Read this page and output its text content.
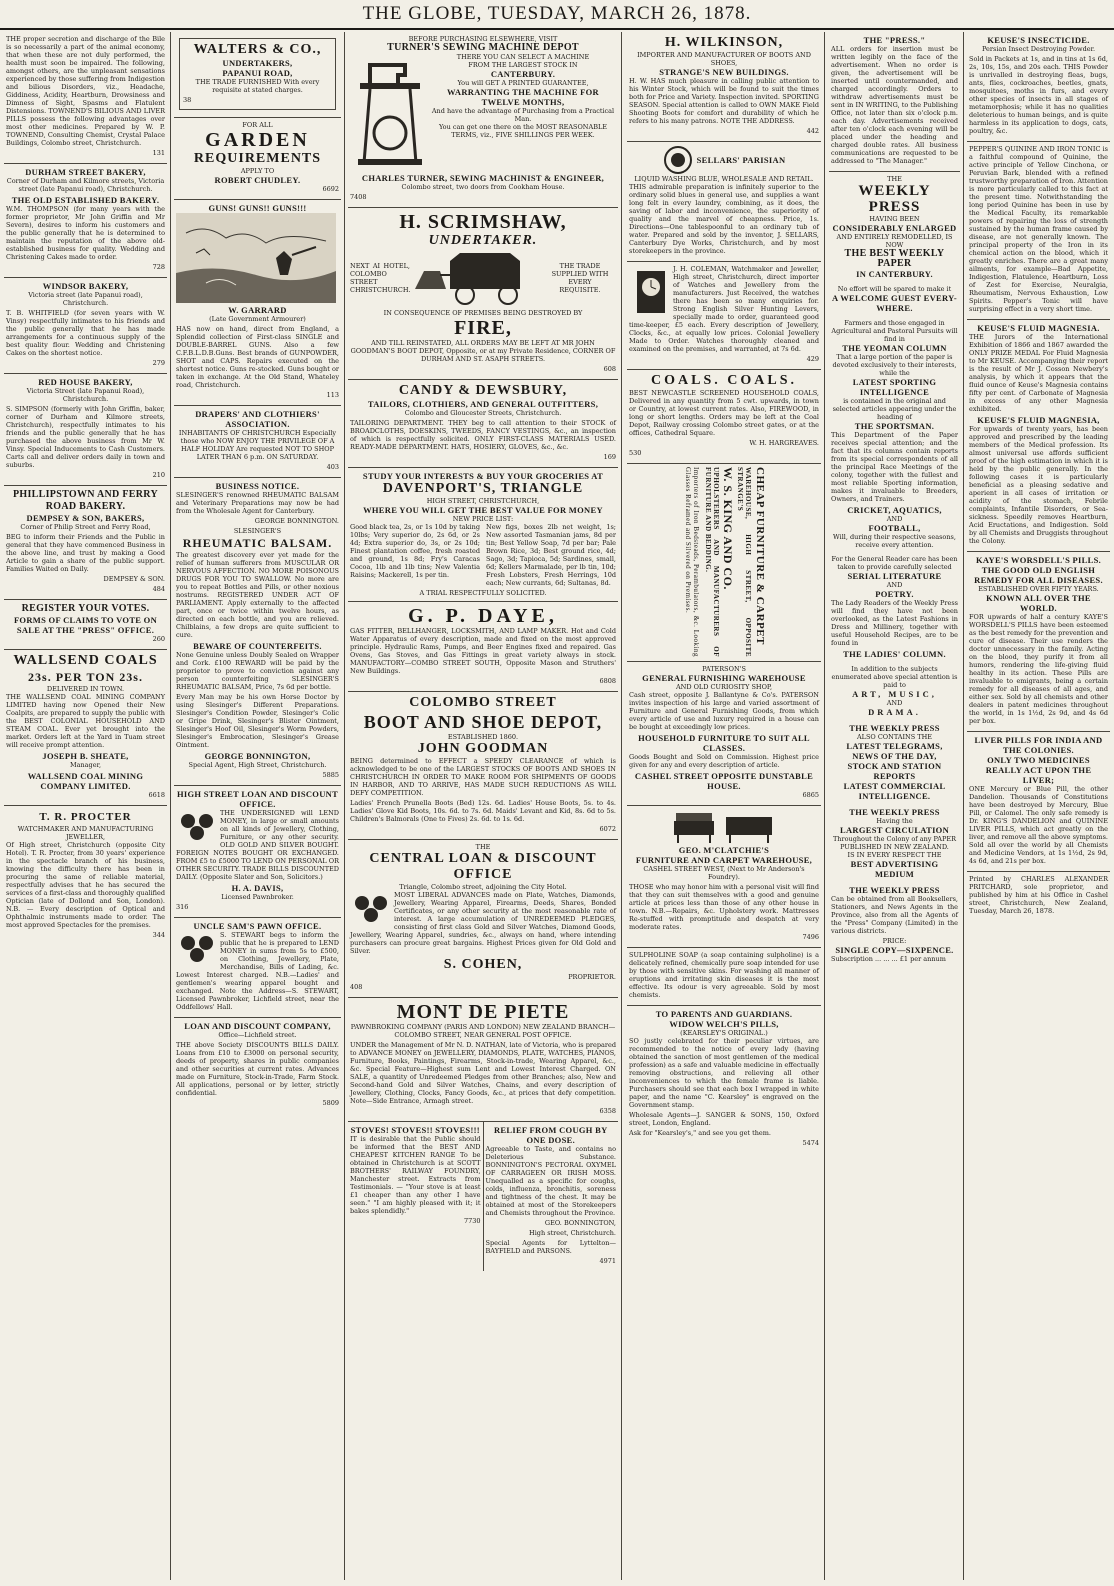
THE GLOBE, TUESDAY, MARCH 26, 1878.

THE proper secretion and discharge of the Bile is so necessarily a part of the animal economy, that when these are not duly performed, the health must soon be impaired. The following, amongst others, are the unpleasant sensations experienced by those suffering from Indigestion and bilious Disorders, viz., Headache, Giddiness, Acidity, Heartburn, Drowsiness and Dimness of Sight, Spasms and Flatulent Distensions. TOWNEND'S BILIOUS AND LIVER PILLS possess the following advantages over most other medicines. Prepared by W. P. TOWNEND, Consulting Chemist, Crystal Palace Buildings, Colombo street, Christchurch.

131

DURHAM STREET BAKERY,

Corner of Durham and Kilmore streets, Victoria street (late Papanui road), Christchurch.

THE OLD ESTABLISHED BAKERY.

W.M. THOMPSON (for many years with the former proprietor, Mr John Griffin and Mr Severn), desires to inform his customers and the public generally that he is determined to maintain the reputation of the above old-established business for quality. Wedding and Christening Cakes made to order.

728

WINDSOR BAKERY,

Victoria street (late Papanui road), Christchurch.

T. B. WHITFIELD (for seven years with W. Vinsy) respectfully intimates to his friends and the public generally that he has made arrangements for a continuous supply of the best quality flour. Wedding and Christening Cakes on the shortest notice.

279

RED HOUSE BAKERY,

Victoria Street (late Papanui Road), Christchurch.

S. SIMPSON (formerly with John Griffin, baker, corner of Durham and Kilmore streets, Christchurch), respectfully intimates to his friends and the public generally that he has purchased the above business from Mr W. Vinsy. Special Inducements to Cash Customers. Carts call and deliver orders daily in town and suburbs.

210

PHILLIPSTOWN AND FERRY ROAD BAKERY.
DEMPSEY & SON, BAKERS,

Corner of Philip Street and Ferry Road,

BEG to inform their Friends and the Public in general that they have commenced Business in the above line, and trust by making a Good Article to gain a share of the public support. Families Waited on Daily.

DEMPSEY & SON.

484

REGISTER YOUR VOTES.
FORMS OF CLAIMS TO VOTE ON SALE AT THE "PRESS" OFFICE.

260

WALLSEND COALS
23s. PER TON 23s.
DELIVERED IN TOWN.

THE WALLSEND COAL MINING COMPANY LIMITED having now Opened their New Coalpits, are prepared to supply the public with the BEST COLONIAL HOUSEHOLD AND STEAM COAL. Ever yet brought into the market. Orders left at the Yard in Tuam street will receive prompt attention.

JOSEPH B. SHEATE,

Manager,

WALLSEND COAL MINING COMPANY LIMITED.

6618

T. R. PROCTER
WATCHMAKER AND MANUFACTURING JEWELLER,

Of High street, Christchurch (opposite City Hotel). T. R. Procter, from 30 years' experience in the spectacle branch of his business, knowing the difficulty there has been in procuring the same of reliable material, respectfully advises that he has secured the services of a first-class and thoroughly qualified Optician (late of Dollond and Son, London). N.B. — Every description of Optical and Ophthalmic instruments made to order. The most approved Spectacles for the premises.

344

WALTERS & CO.,
UNDERTAKERS,
PAPANUI ROAD,

THE TRADE FURNISHED With every requisite at stated charges.

38

FOR ALL
GARDEN
REQUIREMENTS
APPLY TO
ROBERT CHUDLEY.

6692

GUNS! GUNS!! GUNS!!!
W. GARRARD

(Late Government Armourer)

HAS now on hand, direct from England, a Splendid collection of First-class SINGLE and DOUBLE-BARREL GUNS. Also a few C.F.B.L.D.B.Guns. Best brands of GUNPOWDER, SHOT and CAPS. Repairs executed on the shortest notice. Guns re-stocked. Guns bought or taken in exchange. At the Old Stand, Whateley road, Christchurch.

113

DRAPERS' AND CLOTHIERS' ASSOCIATION.

INHABITANTS OF CHRISTCHURCH Especially those who NOW ENJOY THE PRIVILEGE OF A HALF HOLIDAY Are requested NOT TO SHOP LATER THAN 6 p.m. ON SATURDAY.

403

BUSINESS NOTICE.

SLESINGER'S renowned RHEUMATIC BALSAM and Veterinary Preparations may now be had from the Wholesale Agent for Canterbury.

GEORGE BONNINGTON.

SLESINGER'S
RHEUMATIC BALSAM.

The greatest discovery ever yet made for the relief of human sufferers from MUSCULAR OR NERVOUS AFFECTION. NO MORE POISONOUS DRUGS FOR YOU TO SWALLOW. No more are you to repeat Bottles and Pills, or other noxious nostrums. REGISTERED UNDER ACT OF PARLIAMENT. Apply externally to the affected part, once or twice within twelve hours, as directed on each bottle, and you are relieved. Chilblains, a few drops are quite sufficient to cure.

BEWARE OF COUNTERFEITS.

None Genuine unless Doubly Sealed on Wrapper and Cork. £100 REWARD will be paid by the proprietor to prove to conviction against any person counterfeiting SLESINGER'S RHEUMATIC BALSAM, Price, 7s 6d per bottle.

Every Man may be his own Horse Doctor by using Slesinger's Different Preparations. Slesinger's Condition Powder, Slesinger's Colic or Gripe Drink, Slesinger's Blister Ointment, Slesinger's Hoof Oil, Slesinger's Worm Powders, Slesinger's Embrocation, Slesinger's Grease Ointment.

GEORGE BONNINGTON,

Special Agent, High Street, Christchurch.

5885

HIGH STREET LOAN AND DISCOUNT OFFICE.

THE UNDERSIGNED will LEND MONEY, in large or small amounts on all kinds of Jewellery, Clothing, Furniture, or any other security. OLD GOLD AND SILVER BOUGHT. FOREIGN NOTES BOUGHT OR EXCHANGED. FROM £5 to £5000 TO LEND ON PERSONAL OR OTHER SECURITY. TRADE BILLS DISCOUNTED DAILY. (Opposite Slater and Son, Solicitors.)

H. A. DAVIS,

Licensed Pawnbroker.

316

UNCLE SAM'S PAWN OFFICE.

S. STEWART begs to inform the public that he is prepared to LEND MONEY in sums from 5s to £500, on Clothing, Jewellery, Plate, Merchandise, Bills of Lading, &c. Lowest Interest charged. N.B.—Ladies' and gentlemen's wearing apparel bought and exchanged. Note the Address—S. STEWART, Licensed Pawnbroker, Lichfield street, near the Oddfellows' Hall.

LOAN AND DISCOUNT COMPANY,

Office—Lichfield street.

THE above Society DISCOUNTS BILLS DAILY. Loans from £10 to £3000 on personal security, deeds of property, shares in public companies and other securities at current rates. Advances made on Furniture, Stock-in-Trade, Farm Stock. All applications, personal or by letter, strictly confidential.

5809

BEFORE PURCHASING ELSEWHERE, VISIT
TURNER'S SEWING MACHINE DEPOT
THERE YOU CAN SELECT A MACHINE
FROM THE LARGEST STOCK IN
CANTERBURY.
You will GET A PRINTED GUARANTEE,
WARRANTING THE MACHINE FOR
TWELVE MONTHS,
And have the advantage of Purchasing from a Practical Man.
You can get one there on the MOST REASONABLE TERMS, viz., FIVE SHILLINGS PER WEEK.
CHARLES TURNER, SEWING MACHINIST & ENGINEER,

Colombo street, two doors from Cookham House.

7408

H. SCRIMSHAW,
UNDERTAKER.

NEXT AI HOTEL, COLOMBO STREET CHRISTCHURCH.

THE TRADE SUPPLIED WITH EVERY REQUISITE.

IN CONSEQUENCE OF PREMISES BEING DESTROYED BY
FIRE,

AND TILL REINSTATED, ALL ORDERS MAY BE LEFT AT MR JOHN GOODMAN'S BOOT DEPOT, Opposite, or at my Private Residence, CORNER OF DURHAM AND ST. ASAPH STREETS.

608

CANDY & DEWSBURY,
TAILORS, CLOTHIERS, AND GENERAL OUTFITTERS,

Colombo and Gloucester Streets, Christchurch.

TAILORING DEPARTMENT. THEY beg to call attention to their STOCK of BROADCLOTHS, DOESKINS, TWEEDS, FANCY VESTINGS, &c., an inspection of which is respectfully solicited. ONLY FIRST-CLASS MATERIALS USED. READY-MADE DEPARTMENT. HATS, HOSIERY, GLOVES, &c., &c.

169

STUDY YOUR INTERESTS & BUY YOUR GROCERIES AT
DAVENPORT'S, TRIANGLE
HIGH STREET, CHRISTCHURCH,
WHERE YOU WILL GET THE BEST VALUE FOR MONEY
NEW PRICE LIST:

Good black tea, 2s, or 1s 10d by taking 10lbs; Very superior do, 2s 6d, or 2s 4d; Extra superior do, 3s, or 2s 10d; Finest plantation coffee, fresh roasted and ground, 1s 8d; Fry's Caracas Cocoa, 1lb and 1lb tins; New Valentia Raisins; Mackerell, 1s per tin.

New figs, boxes 2lb net weight, 1s; New assorted Tasmanian jams, 8d per tin; Best Yellow Soap, 7d per bar; Pale Brown Rice, 3d; Best ground rice, 4d; Sago, 3d; Tapioca, 5d; Sardines, small, 6d; Kellers Marmalade, per lb tin, 10d; Fresh Lobsters, Fresh Herrings, 10d each; New currants, 6d; Sultanas, 8d.

A TRIAL RESPECTFULLY SOLICITED.
G. P. DAYE,

GAS FITTER, BELLHANGER, LOCKSMITH, AND LAMP MAKER. Hot and Cold Water Apparatus of every description, made and fixed on the most approved principle. Hydraulic Rams, Pumps, and Beer Engines fixed and repaired. Gas Ovens, Gas Stoves, and Gas Fittings in great variety always in stock. MANUFACTORY—COMBO STREET SOUTH, Opposite Mason and Struthers' New Buildings.

6808

COLOMBO STREET
BOOT AND SHOE DEPOT,
ESTABLISHED 1860.
JOHN GOODMAN

BEING determined to EFFECT a SPEEDY CLEARANCE of which is acknowledged to be one of the LARGEST STOCKS OF BOOTS AND SHOES IN CHRISTCHURCH IN ORDER TO MAKE ROOM FOR SHIPMENTS OF GOODS IN HARBOR, AND TO ARRIVE, HAS MADE SUCH REDUCTIONS AS WILL DEFY COMPETITION.

Ladies' French Prunella Boots (Bed) 12s. 6d. Ladies' House Boots, 5s. to 4s. Ladies' Glove Kid Boots, 10s. 6d. to 7s. 6d. Maids' Levant and Kid, 8s. 6d to 5s. Children's Balmorals (One to Fives) 2s. 6d. to 1s. 6d.

6072

THE
CENTRAL LOAN & DISCOUNT OFFICE
Triangle, Colombo street, adjoining the City Hotel.

MOST LIBERAL ADVANCES made on Plate, Watches, Diamonds, Jewellery, Wearing Apparel, Firearms, Deeds, Shares, Bonded Certificates, or any other security at the most reasonable rate of interest. A large accumulation of UNREDEEMED PLEDGES, consisting of first class Gold and Silver Watches, Diamond Goods, Jewellery, Wearing Apparel, sundries, &c., always on hand, where intending purchasers can procure great bargains. Highest Prices given for Old Gold and Silver.

S. COHEN,

PROPRIETOR.

408

MONT DE PIETE

PAWNBROKING COMPANY (PARIS AND LONDON) NEW ZEALAND BRANCH—COLOMBO STREET, NEAR GENERAL POST OFFICE.

UNDER the Management of Mr N. D. NATHAN, late of Victoria, who is prepared to ADVANCE MONEY on JEWELLERY, DIAMONDS, PLATE, WATCHES, PIANOS, Furniture, Books, Paintings, Firearms, Stock-in-trade, Wearing Apparel, &c., &c. Special Feature—Highest sum Lent and Lowest Interest Charged. ON SALE, a quantity of Unredeemed Pledges from other Branches; also, New and Second-hand Gold and Silver Watches, Chains, and every description of Jewellery, Clothing, Clocks, Fancy Goods, &c., at prices that defy competition. Note—Side Entrance, Armagh street.

6358

STOVES! STOVES!! STOVES!!!

IT is desirable that the Public should be informed that the BEST AND CHEAPEST KITCHEN RANGE To be obtained in Christchurch is at SCOTT BROTHERS' RAILWAY FOUNDRY, Manchester street. Extracts from Testimonials. — "Your stove is at least £1 cheaper than any other I have seen." "I am highly pleased with it; it bakes splendidly."

7730

RELIEF FROM COUGH BY ONE DOSE.

Agreeable to Taste, and contains no Deleterious Substance. BONNINGTON'S PECTORAL OXYMEL OF CARRAGEEN OR IRISH MOSS. Unequalled as a specific for coughs, colds, influenza, bronchitis, soreness and tightness of the chest. It may be obtained at most of the Storekeepers and Chemists throughout the Province.

GEO. BONNINGTON,

High street, Christchurch.

Special Agents for Lyttelton—BAYFIELD and PARSONS.

4971

H. WILKINSON,
IMPORTER AND MANUFACTURER OF BOOTS AND SHOES,
STRANGE'S NEW BUILDINGS.

H. W. HAS much pleasure in calling public attention to his Winter Stock, which will be found to suit the times both for Price and Variety. Inspection invited. SPORTING SEASON. Special attention is called to OWN MAKE Field Shooting Boots for comfort and durability of which he refers to his many patrons. NOTE THE ADDRESS.

442

SELLARS' PARISIAN
LIQUID WASHING BLUE, WHOLESALE AND RETAIL.

THIS admirable preparation is infinitely superior to the ordinary solid blues in general use, and supplies a want long felt in every laundry, combining, as it does, the saving of labor and inconvenience, the superiority of quality and the marvel of cheapness. Price, 1s. Directions—One tablespoonful to an ordinary tub of water. Prepared and sold by the inventor, J. SELLARS, Canterbury Dye Works, Christchurch, and by most storekeepers in the province.

J. H. COLEMAN, Watchmaker and Jeweller, High street, Christchurch, direct importer of Watches and Jewellery from the manufacturers. Just Received, the watches there has been so many enquiries for. Strong English Silver Hunting Levers, specially made to order, guaranteed good time-keeper, £5 each. Every description of Jewellery, Clocks, &c., at equally low prices. Colonial Jewellery Made to Order. Watches thoroughly cleaned and examined on the premises, and warranted, at 7s 6d.

429

COALS. COALS.

BEST NEWCASTLE SCREENED HOUSEHOLD COALS, Delivered in any quantity from 5 cwt. upwards, in town or Country, at lowest current rates. Also, FIREWOOD, in long or short lengths. Orders may be left at the Coal Depot, Railway crossing Colombo street gates, or at the offices, Cathedral Square.

W. H. HARGREAVES.

530

Importers of Iron Bedsteads, Perambulators, &c. Looking Glasses Reframed and Silvered on Premises.	UPHOLSTERERS AND MANUFACTURERS OF FURNITURE AND BEDDING. W. S. KING AND CO.	WAREHOUSE, HIGH STREET, OPPOSITE STRANGE'S CHEAP FURNITURE & CARPET
PATERSON'S
GENERAL FURNISHING WAREHOUSE
AND OLD CURIOSITY SHOP,

Cash street, opposite J. Ballantyne & Co's. PATERSON invites inspection of his large and varied assortment of Furniture and General Furnishing Goods, from which every article of use and luxury required in a house can be bought at exceedingly low prices.

HOUSEHOLD FURNITURE TO SUIT ALL CLASSES.

Goods Bought and Sold on Commission. Highest price given for any and every description of article.

CASHEL STREET OPPOSITE DUNSTABLE HOUSE.

6865

GEO. M'CLATCHIE'S
FURNITURE AND CARPET WAREHOUSE,

CASHEL STREET WEST, (Next to Mr Anderson's Foundry).

THOSE who may honor him with a personal visit will find that they can suit themselves with a good and genuine article at prices less than those of any other house in town. N.B.—Repairs, &c. Upholstery work. Mattresses Re-stuffed with promptitude and despatch at very moderate rates.

7496

SULPHOLINE SOAP (a soap containing sulpholine) is a delicately refined, chemically pure soap intended for use by those with sensitive skins. For washing all manner of eruptions and irritating skin diseases it is the most effective. Its odour is very agreeable. Sold by most chemists.

TO PARENTS AND GUARDIANS.
WIDOW WELCH'S PILLS,
(KEARSLEY'S ORIGINAL.)

SO justly celebrated for their peculiar virtues, are recommended to the notice of every lady (having obtained the sanction of most gentlemen of the medical profession) as a safe and valuable medicine in effectually removing obstructions, and relieving all other inconveniences to which the female frame is liable. Purchasers should see that each box I wrapped in white paper, and the name "C. Kearsley" is engraved on the Government stamp.

Wholesale Agents—J. SANGER & SONS, 150, Oxford street, London, England.

Ask for "Kearsley's," and see you get them.

5474

THE "PRESS."

ALL orders for insertion must be written legibly on the face of the advertisement. When no order is given, the advertisement will be inserted until countermanded, and charged accordingly. Orders to withdraw advertisements must be sent in IN WRITING, to the Publishing Office, not later than six o'clock p.m. each day. Advertisements received after ten o'clock each evening will be placed under the heading and charged double rates. All business communications are requested to be addressed to "The Manager."

THE
WEEKLY PRESS
HAVING BEEN
CONSIDERABLY ENLARGED
AND ENTIRELY REMODELLED, IS NOW
THE BEST WEEKLY PAPER
IN CANTERBURY.
No effort will be spared to make it
A WELCOME GUEST EVERY-WHERE.
Farmers and those engaged in Agricultural and Pastoral Pursuits will find in
THE YEOMAN COLUMN
That a large portion of the paper is devoted exclusively to their interests, while the
LATEST SPORTING INTELLIGENCE
is contained in the original and selected articles appearing under the heading of
THE SPORTSMAN.

This Department of the Paper receives special attention; and the fact that its columns contain reports from its special correspondents of all the principal Race Meetings of the colony, together with the fullest and most reliable Sporting information, makes it invaluable to Breeders, Owners, and Trainers.

CRICKET, AQUATICS,
AND
FOOTBALL,
Will, during their respective seasons, receive every attention.
For the General Reader care has been taken to provide carefully selected
SERIAL LITERATURE
AND
POETRY.

The Lady Readers of the Weekly Press will find they have not been overlooked, as the Latest Fashions in Dress and Millinery, together with useful Household Recipes, are to be found in

THE LADIES' COLUMN.
In addition to the subjects enumerated above special attention is paid to
ART, MUSIC,
AND
DRAMA.
THE WEEKLY PRESS
ALSO CONTAINS THE
LATEST TELEGRAMS,
NEWS OF THE DAY,
STOCK AND STATION REPORTS
LATEST COMMERCIAL INTELLIGENCE.
THE WEEKLY PRESS
Having the
LARGEST CIRCULATION
Throughout the Colony of any PAPER PUBLISHED IN NEW ZEALAND.
IS IN EVERY RESPECT THE
BEST ADVERTISING MEDIUM
THE WEEKLY PRESS

Can be obtained from all Booksellers, Stationers, and News Agents in the Province, also from all the Agents of the "Press" Company (Limited) in the various districts.

PRICE:
SINGLE COPY—SIXPENCE.

Subscription ... ... ... £1 per annum

KEUSE'S INSECTICIDE.

Persian Insect Destroying Powder.

Sold in Packets at 1s, and in tins at 1s 6d, 2s, 10s, 15s, and 20s each. THIS Powder is unrivalled in destroying fleas, bugs, ants, flies, cockroaches, beetles, gnats, mosquitoes, moths in furs, and every other species of insects in all stages of metamorphosis; while it has no qualities deleterious to human beings, and is quite harmless in its application to dogs, cats, poultry, &c.

PEPPER'S QUININE AND IRON TONIC is a faithful compound of Quinine, the active principle of Yellow Cinchona, or Peruvian Bark, blended with a refined trustworthy preparation of Iron. Attention is more particularly called to this fact at the present time. Notwithstanding the long period Quinine has been in use by the Medical Faculty, its remarkable powers of repairing the loss of strength sustained by the human frame caused by disease, are not generally known. The principal property of the Iron in its chemical action on the blood, which it greatly enriches. There are a great many ailments, for example—Bad Appetite, Indigestion, Flatulence, Heartburn, Loss of Zest for Exercise, Neuralgia, Rheumatism, Nervous Exhaustion, Low Spirits. Pepper's Tonic will have surprising effect in a very short time.

KEUSE'S FLUID MAGNESIA.

THE Jurors of the International Exhibition of 1866 and 1867 awarded the ONLY PRIZE MEDAL For Fluid Magnesia to Mr KEUSE. Accompanying their report is the result of Mr J. Cosson Newbery's analysis, by which it appears that the fluid ounce of Keuse's Magnesia contains fifty per cent. of Carbonate of Magnesia in excess of any other Magnesia exhibited.

KEUSE'S FLUID MAGNESIA,

For upwards of twenty years, has been approved and prescribed by the leading members of the Medical profession. Its almost universal use affords sufficient proof of the high estimation in which it is held by the public generally. In the following cases it is particularly beneficial as a pleasing sedative and aperient in all cases of irritation or acidity of the stomach, Febrile complaints, Infantile Disorders, or Sea-sickness. Speedily removes Heartburn, Acid Eructations, and Indigestion. Sold by all Chemists and Druggists throughout the Colony.

KAYE'S WORSDELL'S PILLS.
THE GOOD OLD ENGLISH REMEDY FOR ALL DISEASES.
ESTABLISHED OVER FIFTY YEARS.
KNOWN ALL OVER THE WORLD.

FOR upwards of half a century KAYE'S WORSDELL'S PILLS have been esteemed as the best remedy for the prevention and cure of disease. Their use renders the doctor unnecessary in the family. Acting on the blood, they purify it from all humors, rendering the life-giving fluid healthy in its action. These Pills are invaluable to emigrants, being a certain remedy for all diseases of all ages, and either sex. Sold by all chemists and other dealers in patent medicines throughout the world, in 1s 1½d, 2s 9d, and 4s 6d per box.

LIVER PILLS FOR INDIA AND THE COLONIES.
ONLY TWO MEDICINES REALLY ACT UPON THE LIVER;

ONE Mercury or Blue Pill, the other Dandelion. Thousands of Constitutions have been destroyed by Mercury, Blue Pill, or Calomel. The only safe remedy is Dr. KING'S DANDELION and QUININE LIVER PILLS, which act greatly on the liver, and remove all the above symptoms. Sold all over the world by all Chemists and Medicine Vendors, at 1s 1½d, 2s 9d, 4s 6d, and 21s per box.

Printed by CHARLES ALEXANDER PRITCHARD, sole proprietor, and published by him at his Office in Cashel street, Christchurch, New Zealand, Tuesday, March 26, 1878.
